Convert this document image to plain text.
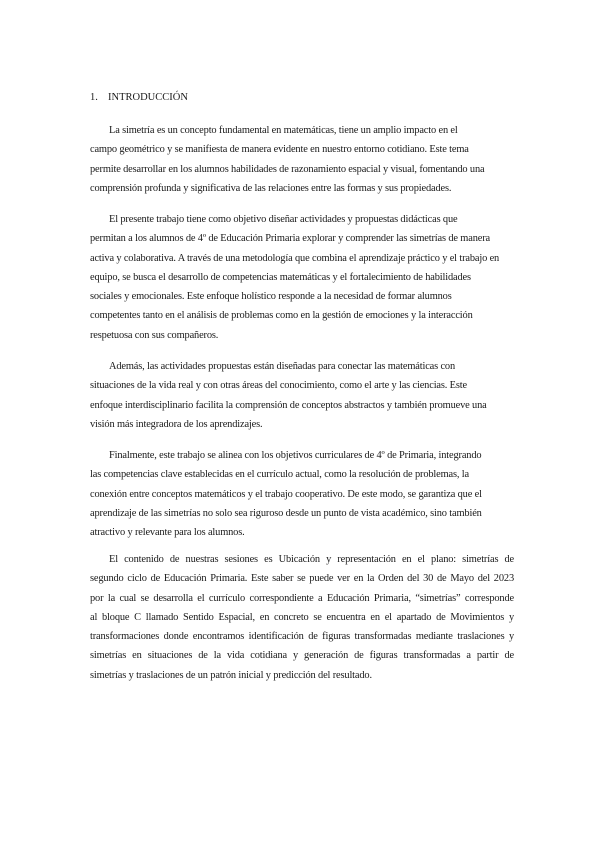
1. INTRODUCCIÓN

La simetría es un concepto fundamental en matemáticas, tiene un amplio impacto en el
campo geométrico y se manifiesta de manera evidente en nuestro entorno cotidiano. Este tema
permite desarrollar en los alumnos habilidades de razonamiento espacial y visual, fomentando una
comprensión profunda y significativa de las relaciones entre las formas y sus propiedades.

El presente trabajo tiene como objetivo diseñar actividades y propuestas didácticas que
permitan a los alumnos de 4º de Educación Primaria explorar y comprender las simetrías de manera
activa y colaborativa. A través de una metodología que combina el aprendizaje práctico y el trabajo en
equipo, se busca el desarrollo de competencias matemáticas y el fortalecimiento de habilidades
sociales y emocionales. Este enfoque holístico responde a la necesidad de formar alumnos
competentes tanto en el análisis de problemas como en la gestión de emociones y la interacción
respetuosa con sus compañeros.

Además, las actividades propuestas están diseñadas para conectar las matemáticas con
situaciones de la vida real y con otras áreas del conocimiento, como el arte y las ciencias. Este
enfoque interdisciplinario facilita la comprensión de conceptos abstractos y también promueve una
visión más integradora de los aprendizajes.

Finalmente, este trabajo se alinea con los objetivos curriculares de 4º de Primaria, integrando
las competencias clave establecidas en el currículo actual, como la resolución de problemas, la
conexión entre conceptos matemáticos y el trabajo cooperativo. De este modo, se garantiza que el
aprendizaje de las simetrías no solo sea riguroso desde un punto de vista académico, sino también
atractivo y relevante para los alumnos.

El contenido de nuestras sesiones es Ubicación y representación en el plano: simetrías de
segundo ciclo de Educación Primaria. Este saber se puede ver en la Orden del 30 de Mayo del 2023
por la cual se desarrolla el currículo correspondiente a Educación Primaria, “simetrías” corresponde
al bloque C llamado Sentido Espacial, en concreto se encuentra en el apartado de Movimientos y
transformaciones donde encontramos identificación de figuras transformadas mediante traslaciones y
simetrías en situaciones de la vida cotidiana y generación de figuras transformadas a partir de
simetrías y traslaciones de un patrón inicial y predicción del resultado.
